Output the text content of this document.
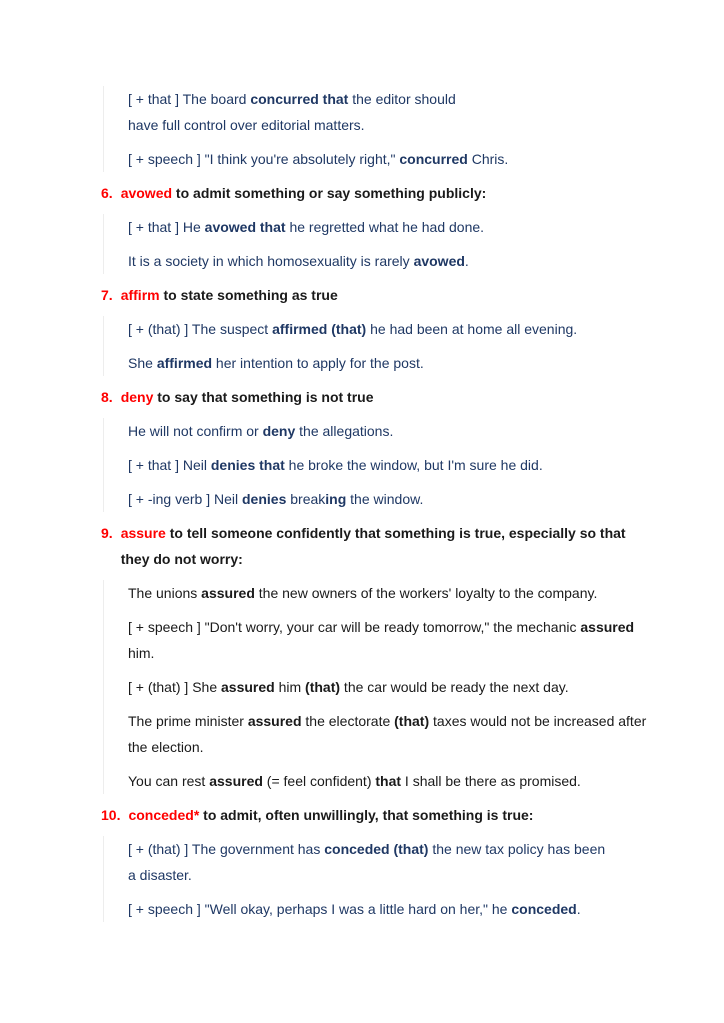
[ + that ] The board concurred that the editor should
have full control over editorial matters.
[ + speech ] "I think you're absolutely right," concurred Chris.
6. avowed to admit something or say something publicly:
[ + that ] He avowed that he regretted what he had done.
It is a society in which homosexuality is rarely avowed.
7. affirm to state something as true
[ + (that) ] The suspect affirmed (that) he had been at home all evening.
She affirmed her intention to apply for the post.
8. deny to say that something is not true
He will not confirm or deny the allegations.
[ + that ] Neil denies that he broke the window, but I'm sure he did.
[ + -ing verb ] Neil denies breaking the window.
9. assure to tell someone confidently that something is true, especially so that
they do not worry:
The unions assured the new owners of the workers' loyalty to the company.
[ + speech ] "Don't worry, your car will be ready tomorrow," the mechanic assured
him.
[ + (that) ] She assured him (that) the car would be ready the next day.
The prime minister assured the electorate (that) taxes would not be increased after
the election.
You can rest assured (= feel confident) that I shall be there as promised.
10. conceded* to admit, often unwillingly, that something is true:
[ + (that) ] The government has conceded (that) the new tax policy has been
a disaster.
[ + speech ] "Well okay, perhaps I was a little hard on her," he conceded.
